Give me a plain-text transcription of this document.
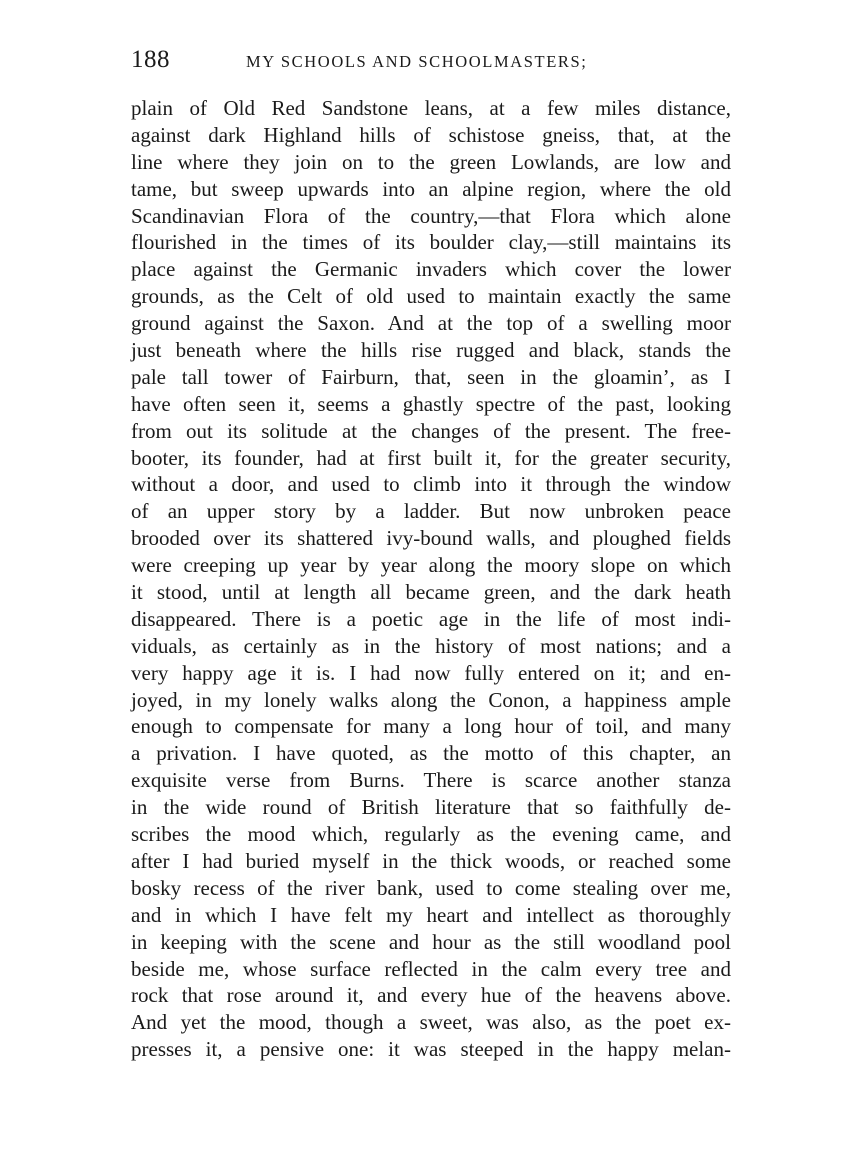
188	MY SCHOOLS AND SCHOOLMASTERS;
plain of Old Red Sandstone leans, at a few miles distance,
against dark Highland hills of schistose gneiss, that, at the
line where they join on to the green Lowlands, are low and
tame, but sweep upwards into an alpine region, where the old
Scandinavian Flora of the country,—that Flora which alone
flourished in the times of its boulder clay,—still maintains its
place against the Germanic invaders which cover the lower
grounds, as the Celt of old used to maintain exactly the same
ground against the Saxon. And at the top of a swelling moor
just beneath where the hills rise rugged and black, stands the
pale tall tower of Fairburn, that, seen in the gloamin’, as I
have often seen it, seems a ghastly spectre of the past, looking
from out its solitude at the changes of the present. The free-
booter, its founder, had at first built it, for the greater security,
without a door, and used to climb into it through the window
of an upper story by a ladder. But now unbroken peace
brooded over its shattered ivy-bound walls, and ploughed fields
were creeping up year by year along the moory slope on which
it stood, until at length all became green, and the dark heath
disappeared. There is a poetic age in the life of most indi-
viduals, as certainly as in the history of most nations; and a
very happy age it is. I had now fully entered on it; and en-
joyed, in my lonely walks along the Conon, a happiness ample
enough to compensate for many a long hour of toil, and many
a privation. I have quoted, as the motto of this chapter, an
exquisite verse from Burns. There is scarce another stanza
in the wide round of British literature that so faithfully de-
scribes the mood which, regularly as the evening came, and
after I had buried myself in the thick woods, or reached some
bosky recess of the river bank, used to come stealing over me,
and in which I have felt my heart and intellect as thoroughly
in keeping with the scene and hour as the still woodland pool
beside me, whose surface reflected in the calm every tree and
rock that rose around it, and every hue of the heavens above.
And yet the mood, though a sweet, was also, as the poet ex-
presses it, a pensive one: it was steeped in the happy melan-
